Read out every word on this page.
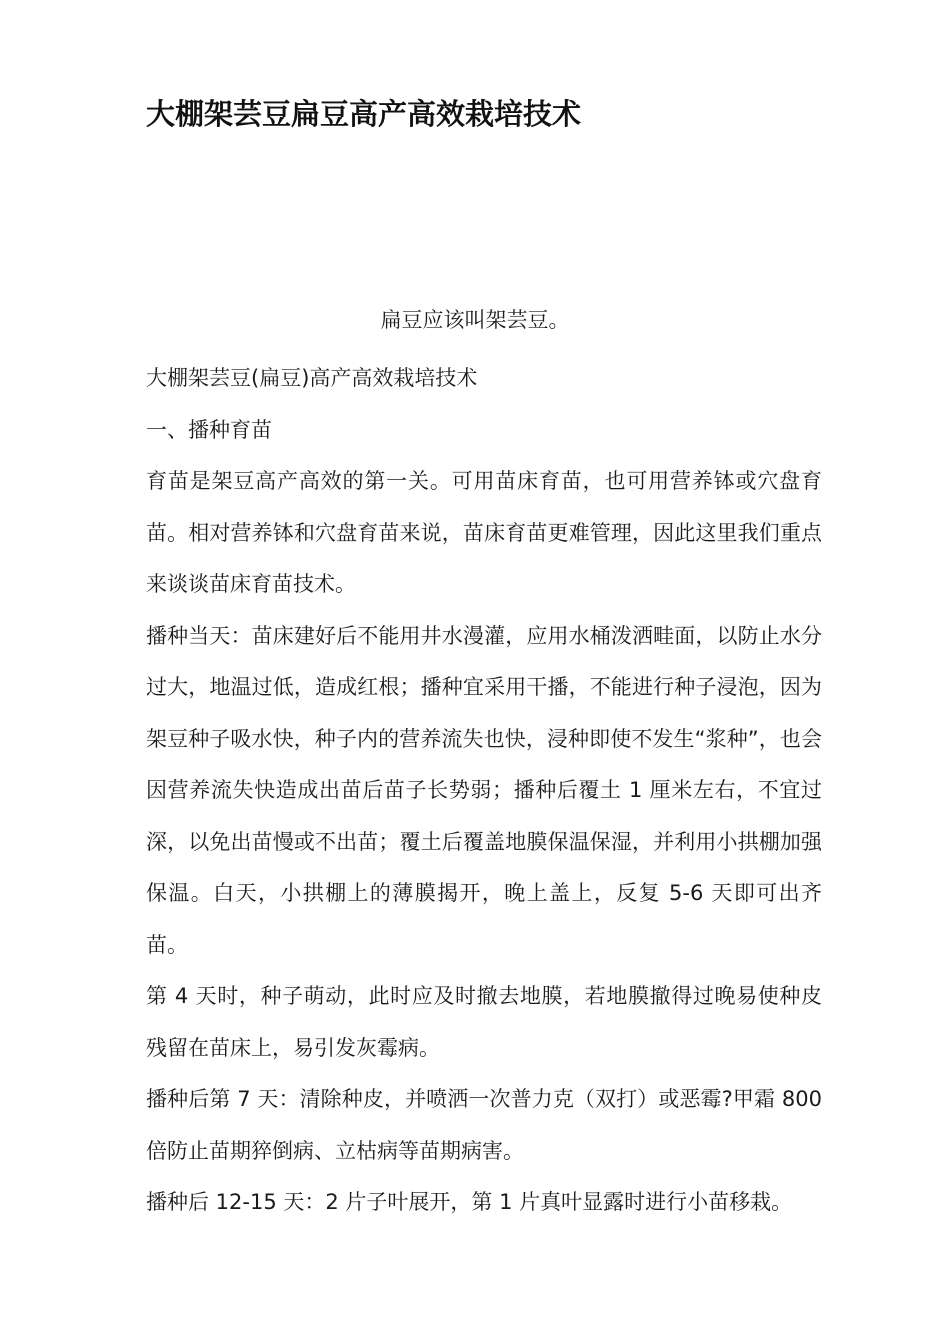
大棚架芸豆扁豆高产高效栽培技术

扁豆应该叫架芸豆。

大棚架芸豆(扁豆)高产高效栽培技术

一、播种育苗

育苗是架豆高产高效的第一关。可用苗床育苗，也可用营养钵或穴盘育苗。相对营养钵和穴盘育苗来说，苗床育苗更难管理，因此这里我们重点来谈谈苗床育苗技术。

播种当天：苗床建好后不能用井水漫灌，应用水桶泼洒畦面，以防止水分过大，地温过低，造成红根；播种宜采用干播，不能进行种子浸泡，因为架豆种子吸水快，种子内的营养流失也快，浸种即使不发生“浆种”，也会因营养流失快造成出苗后苗子长势弱；播种后覆土 1 厘米左右，不宜过深，以免出苗慢或不出苗；覆土后覆盖地膜保温保湿，并利用小拱棚加强保温。白天，小拱棚上的薄膜揭开，晚上盖上，反复 5-6 天即可出齐苗。

第 4 天时，种子萌动，此时应及时撤去地膜，若地膜撤得过晚易使种皮残留在苗床上，易引发灰霉病。

播种后第 7 天：清除种皮，并喷洒一次普力克（双打）或恶霉?甲霜 800 倍防止苗期猝倒病、立枯病等苗期病害。

播种后 12-15 天：2 片子叶展开，第 1 片真叶显露时进行小苗移栽。
